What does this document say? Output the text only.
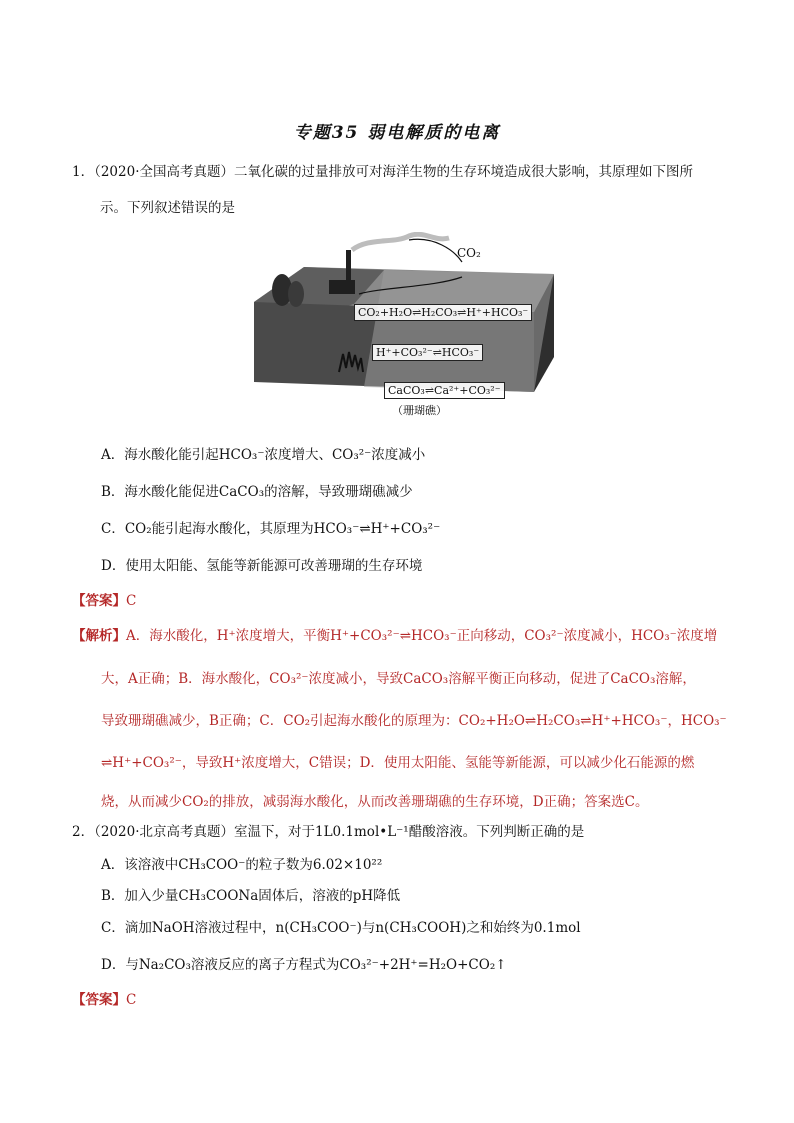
专题35 弱电解质的电离
1．（2020·全国高考真题）二氧化碳的过量排放可对海洋生物的生存环境造成很大影响，其原理如下图所
示。下列叙述错误的是
CO₂
CO₂+H₂O⇌H₂CO₃⇌H⁺+HCO₃⁻
H⁺+CO₃²⁻⇌HCO₃⁻
CaCO₃⇌Ca²⁺+CO₃²⁻
（珊瑚礁）
A．海水酸化能引起HCO₃⁻浓度增大、CO₃²⁻浓度减小
B．海水酸化能促进CaCO₃的溶解，导致珊瑚礁减少
C．CO₂能引起海水酸化，其原理为HCO₃⁻⇌H⁺+CO₃²⁻
D．使用太阳能、氢能等新能源可改善珊瑚的生存环境
【答案】C
【解析】A．海水酸化，H⁺浓度增大，平衡H⁺+CO₃²⁻⇌HCO₃⁻正向移动，CO₃²⁻浓度减小，HCO₃⁻浓度增
大，A正确；B．海水酸化，CO₃²⁻浓度减小，导致CaCO₃溶解平衡正向移动，促进了CaCO₃溶解，
导致珊瑚礁减少，B正确；C．CO₂引起海水酸化的原理为：CO₂+H₂O⇌H₂CO₃⇌H⁺+HCO₃⁻，HCO₃⁻
⇌H⁺+CO₃²⁻，导致H⁺浓度增大，C错误；D．使用太阳能、氢能等新能源，可以减少化石能源的燃
烧，从而减少CO₂的排放，减弱海水酸化，从而改善珊瑚礁的生存环境，D正确；答案选C。
2．（2020·北京高考真题）室温下，对于1L0.1mol•L⁻¹醋酸溶液。下列判断正确的是
A．该溶液中CH₃COO⁻的粒子数为6.02×10²²
B．加入少量CH₃COONa固体后，溶液的pH降低
C．滴加NaOH溶液过程中，n(CH₃COO⁻)与n(CH₃COOH)之和始终为0.1mol
D．与Na₂CO₃溶液反应的离子方程式为CO₃²⁻+2H⁺=H₂O+CO₂↑
【答案】C
